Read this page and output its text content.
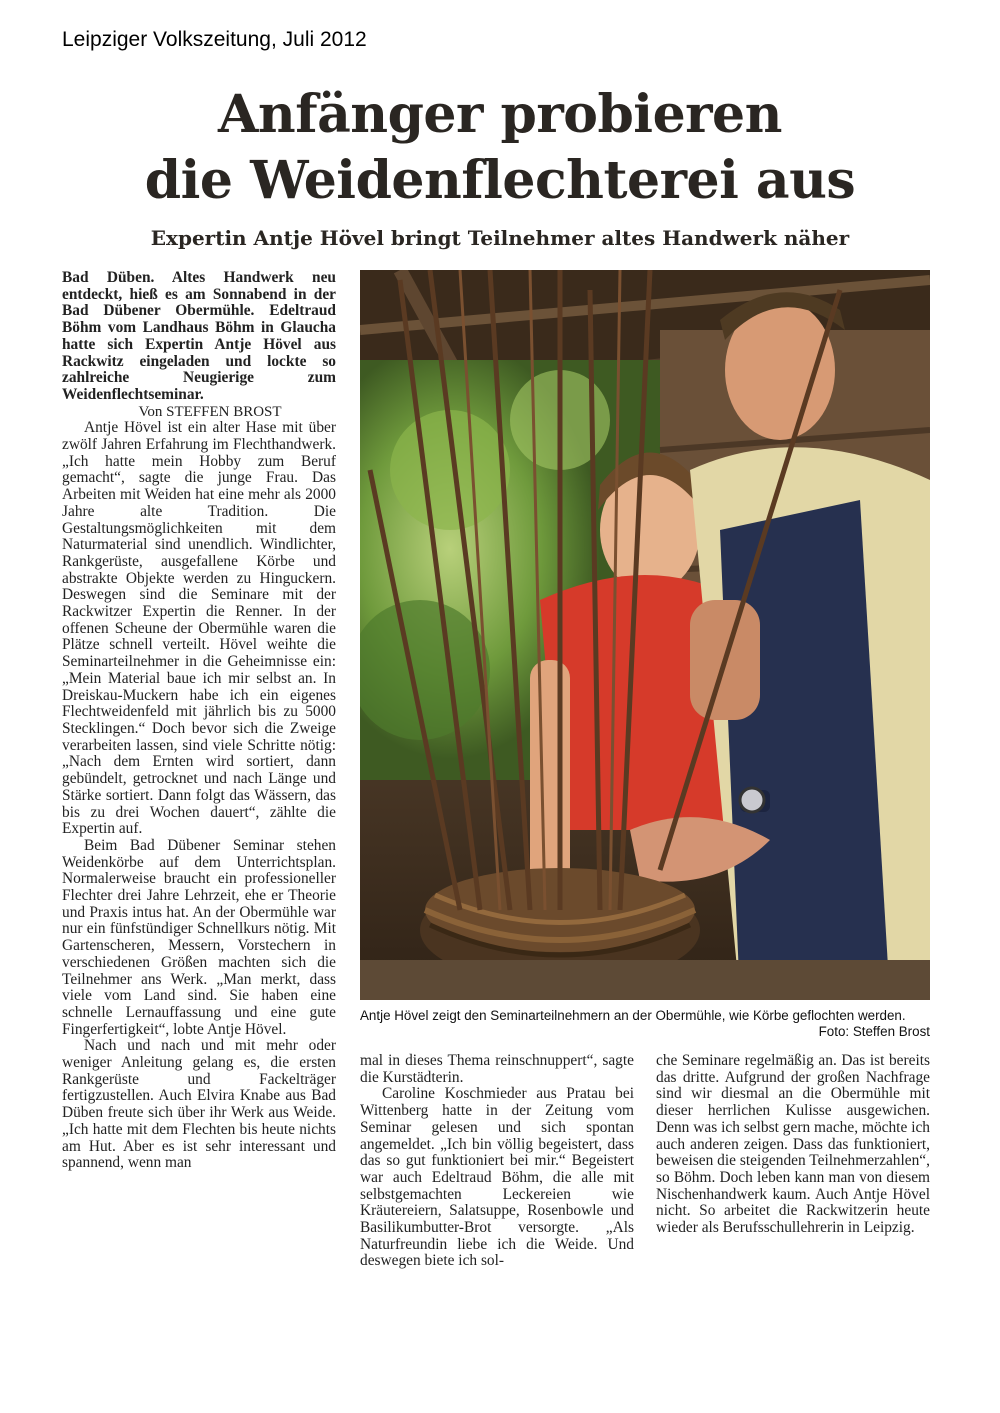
Leipziger Volkszeitung, Juli 2012
Anfänger probieren
die Weidenflechterei aus
Expertin Antje Hövel bringt Teilnehmer altes Handwerk näher

Bad Düben. Altes Handwerk neu entdeckt, hieß es am Sonnabend in der Bad Dübener Obermühle. Edeltraud Böhm vom Landhaus Böhm in Glaucha hatte sich Expertin Antje Hövel aus Rackwitz eingeladen und lockte so zahlreiche Neugierige zum Weidenflechtseminar.

Von STEFFEN BROST

Antje Hövel ist ein alter Hase mit über zwölf Jahren Erfahrung im Flechthandwerk. „Ich hatte mein Hobby zum Beruf gemacht“, sagte die junge Frau. Das Arbeiten mit Weiden hat eine mehr als 2000 Jahre alte Tradition. Die Gestaltungsmöglichkeiten mit dem Naturmaterial sind unendlich. Windlichter, Rankgerüste, ausgefallene Körbe und abstrakte Objekte werden zu Hinguckern. Deswegen sind die Seminare mit der Rackwitzer Expertin die Renner. In der offenen Scheune der Obermühle waren die Plätze schnell verteilt. Hövel weihte die Seminarteilnehmer in die Geheimnisse ein: „Mein Material baue ich mir selbst an. In Dreiskau-Muckern habe ich ein eigenes Flechtweidenfeld mit jährlich bis zu 5000 Stecklingen.“ Doch bevor sich die Zweige verarbeiten lassen, sind viele Schritte nötig: „Nach dem Ernten wird sortiert, dann gebündelt, getrocknet und nach Länge und Stärke sortiert. Dann folgt das Wässern, das bis zu drei Wochen dauert“, zählte die Expertin auf.

Beim Bad Dübener Seminar stehen Weidenkörbe auf dem Unterrichtsplan. Normalerweise braucht ein professioneller Flechter drei Jahre Lehrzeit, ehe er Theorie und Praxis intus hat. An der Obermühle war nur ein fünfstündiger Schnellkurs nötig. Mit Gartenscheren, Messern, Vorstechern in verschiedenen Größen machten sich die Teilnehmer ans Werk. „Man merkt, dass viele vom Land sind. Sie haben eine schnelle Lernauffassung und eine gute Fingerfertigkeit“, lobte Antje Hövel.

Nach und nach und mit mehr oder weniger Anleitung gelang es, die ersten Rankgerüste und Fackelträger fertigzustellen. Auch Elvira Knabe aus Bad Düben freute sich über ihr Werk aus Weide. „Ich hatte mit dem Flechten bis heute nichts am Hut. Aber es ist sehr interessant und spannend, wenn man

Antje Hövel zeigt den Seminarteilnehmern an der Obermühle, wie Körbe geflochten werden.
Foto: Steffen Brost

mal in dieses Thema reinschnuppert“, sagte die Kurstädterin.

Caroline Koschmieder aus Pratau bei Wittenberg hatte in der Zeitung vom Seminar gelesen und sich spontan angemeldet. „Ich bin völlig begeistert, dass das so gut funktioniert bei mir.“ Begeistert war auch Edeltraud Böhm, die alle mit selbstgemachten Leckereien wie Kräutereiern, Salatsuppe, Rosenbowle und Basilikumbutter-Brot versorgte. „Als Naturfreundin liebe ich die Weide. Und deswegen biete ich sol-

che Seminare regelmäßig an. Das ist bereits das dritte. Aufgrund der großen Nachfrage sind wir diesmal an die Obermühle mit dieser herrlichen Kulisse ausgewichen. Denn was ich selbst gern mache, möchte ich auch anderen zeigen. Dass das funktioniert, beweisen die steigenden Teilnehmerzahlen“, so Böhm. Doch leben kann man von diesem Nischenhandwerk kaum. Auch Antje Hövel nicht. So arbeitet die Rackwitzerin heute wieder als Berufsschullehrerin in Leipzig.
